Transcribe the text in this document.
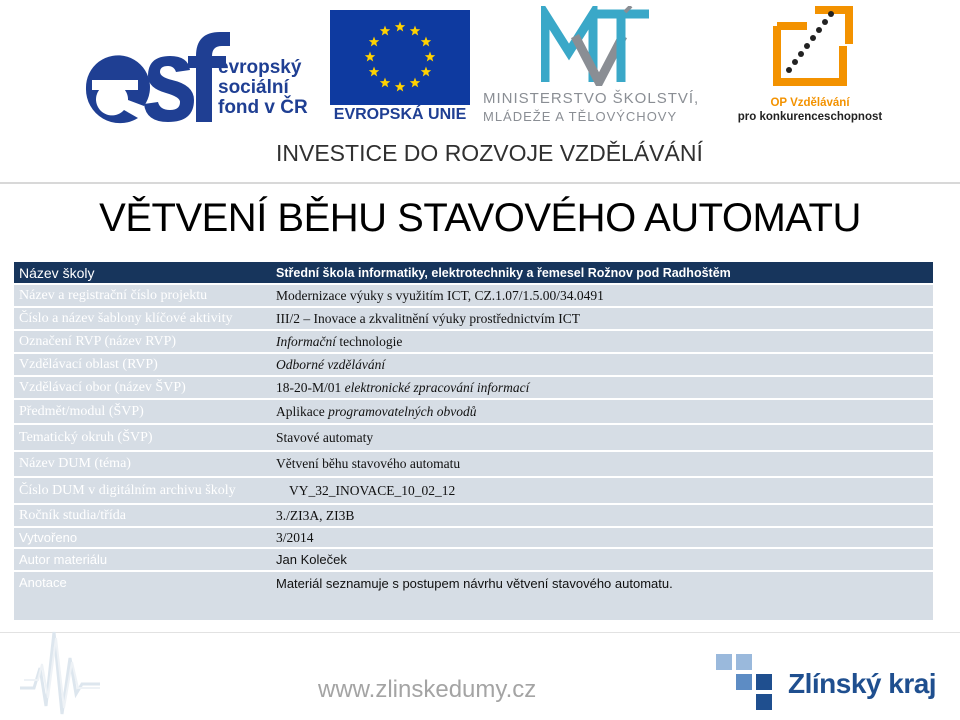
evropský
sociální
fond v ČR EVROPSKÁ UNIE
MINISTERSTVO ŠKOLSTVÍ,
MLÁDEŽE A TĚLOVÝCHOVY
OP Vzdělávání
pro konkurenceschopnost
INVESTICE DO ROZVOJE VZDĚLÁVÁNÍ
VĚTVENÍ BĚHU STAVOVÉHO AUTOMATU
Název školy	Střední škola informatiky, elektrotechniky a řemesel Rožnov pod Radhoštěm
Název a registrační číslo projektu	Modernizace výuky s využitím ICT, CZ.1.07/1.5.00/34.0491
Číslo a název šablony klíčové aktivity	III/2 – Inovace a zkvalitnění výuky prostřednictvím ICT
Označení RVP (název RVP)	Informační technologie
Vzdělávací oblast (RVP)	Odborné vzdělávání
Vzdělávací obor (název ŠVP)	18-20-M/01 elektronické zpracování informací
Předmět/modul (ŠVP)	Aplikace programovatelných obvodů
Tematický okruh (ŠVP)	Stavové automaty
Název DUM (téma)	Větvení běhu stavového automatu
Číslo DUM v digitálním archivu školy	VY_32_INOVACE_10_02_12
Ročník studia/třída	3./ZI3A, ZI3B
Vytvořeno	3/2014
Autor materiálu	Jan Koleček
Anotace	Materiál seznamuje s postupem návrhu větvení stavového automatu.
www.zlinskedumy.cz	Zlínský kraj
